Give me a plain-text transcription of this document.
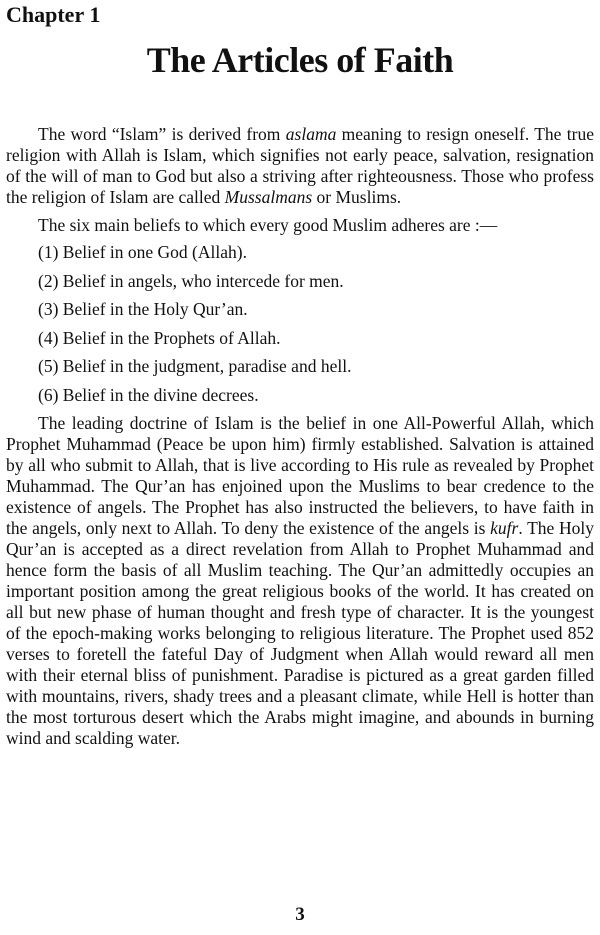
Chapter 1
The Articles of Faith

The word “Islam” is derived from aslama meaning to resign oneself. The true religion with Allah is Islam, which signifies not early peace, salvation, resignation of the will of man to God but also a striving after righteousness. Those who profess the religion of Islam are called Mussalmans or Muslims.

The six main beliefs to which every good Muslim adheres are :—

(1) Belief in one God (Allah).
(2) Belief in angels, who intercede for men.
(3) Belief in the Holy Qur’an.
(4) Belief in the Prophets of Allah.
(5) Belief in the judgment, paradise and hell.
(6) Belief in the divine decrees.

The leading doctrine of Islam is the belief in one All-Powerful Allah, which Prophet Muhammad (Peace be upon him) firmly established. Salvation is attained by all who submit to Allah, that is live according to His rule as revealed by Prophet Muhammad. The Qur’an has enjoined upon the Muslims to bear credence to the existence of angels. The Prophet has also instructed the believers, to have faith in the angels, only next to Allah. To deny the existence of the angels is kufr. The Holy Qur’an is accepted as a direct revelation from Allah to Prophet Muhammad and hence form the basis of all Muslim teaching. The Qur’an admittedly occupies an important position among the great religious books of the world. It has created on all but new phase of human thought and fresh type of character. It is the youngest of the epoch-making works belonging to religious literature. The Prophet used 852 verses to foretell the fateful Day of Judgment when Allah would reward all men with their eternal bliss of punishment. Paradise is pictured as a great garden filled with mountains, rivers, shady trees and a pleasant climate, while Hell is hotter than the most torturous desert which the Arabs might imagine, and abounds in burning wind and scalding water.

3
